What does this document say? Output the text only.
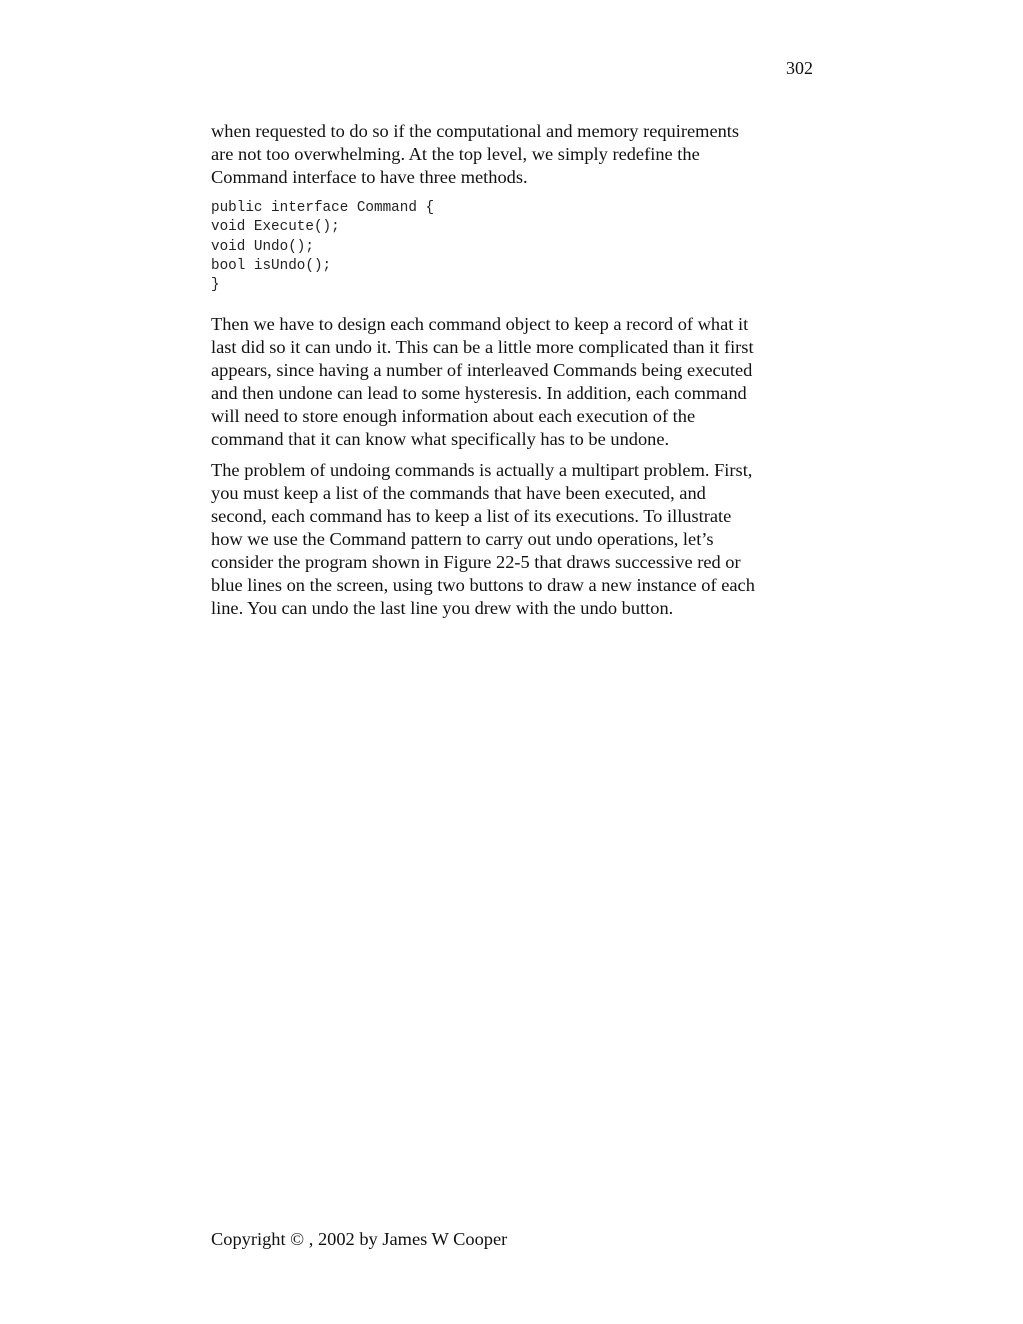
302

when requested to do so if the computational and memory requirements
are not too overwhelming. At the top level, we simply redefine the
Command interface to have three methods.

public interface Command {
void Execute();
void Undo();
bool isUndo();
}

Then we have to design each command object to keep a record of what it
last did so it can undo it. This can be a little more complicated than it first
appears, since having a number of interleaved Commands being executed
and then undone can lead to some hysteresis. In addition, each command
will need to store enough information about each execution of the
command that it can know what specifically has to be undone.

The problem of undoing commands is actually a multipart problem. First,
you must keep a list of the commands that have been executed, and
second, each command has to keep a list of its executions. To illustrate
how we use the Command pattern to carry out undo operations, let’s
consider the program shown in Figure 22-5 that draws successive red or
blue lines on the screen, using two buttons to draw a new instance of each
line. You can undo the last line you drew with the undo button.

Copyright © , 2002 by James W Cooper
